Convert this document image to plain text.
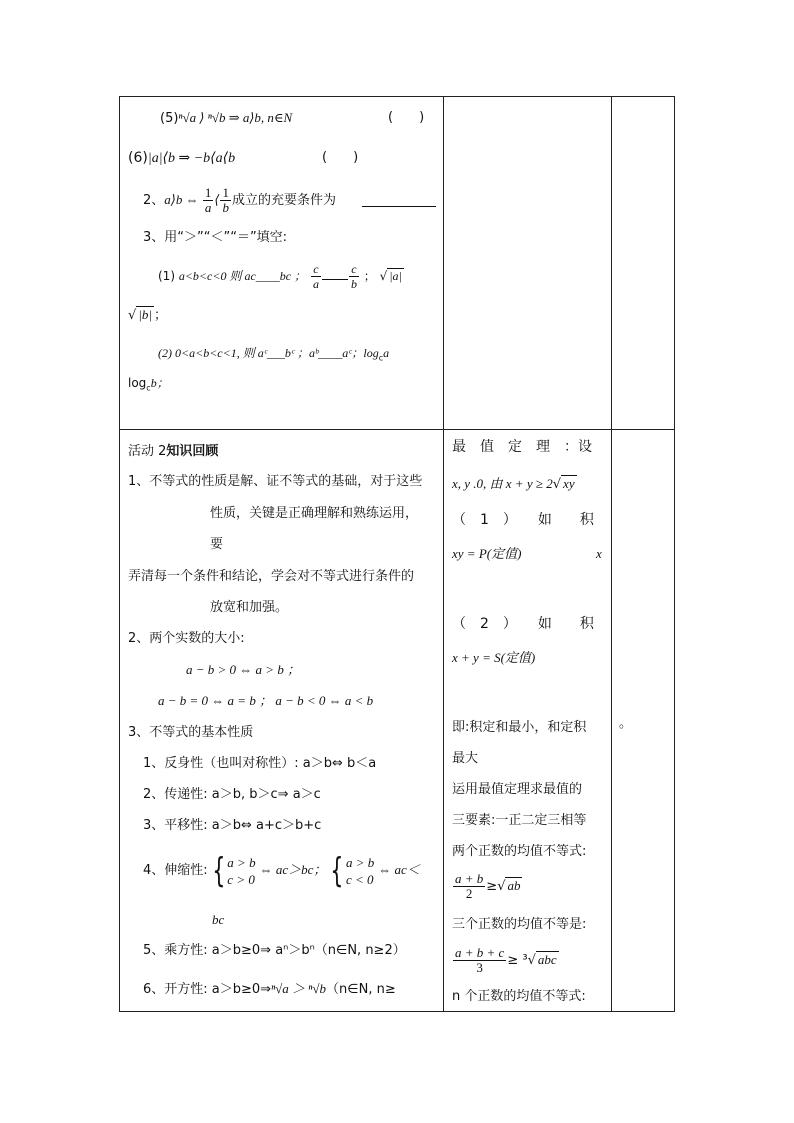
(5)ⁿ√a ⟩ ⁿ√b ⇒ a⟩b, n∈N	(　　)
(6)|a|⟨b ⇒ −b⟨a⟨b	(　　)
2、a⟩b ⇔ $\frac{1}{a}$ ⟨ $\frac{1}{b}$ 成立的充要条件为
3、用“＞”“＜”“＝”填空:
(1) a<b<c<0 则 ac____bc ； $\frac{c}{a} \frac{c}{b}$ ； √ |a|
√ |b| ；
(2) 0<a<b<c<1, 则 aᶜ___bᶜ ；aᵇ____aᶜ；$\log_ca$
$\log_cb$；
活动 2知识回顾
1、不等式的性质是解、证不等式的基础，对于这些
性质，关键是正确理解和熟练运用，
要
弄清每一个条件和结论，学会对不等式进行条件的
放宽和加强。
2、两个实数的大小:
a − b > 0 ⇔ a > b ；
a − b = 0 ⇔ a = b ； a − b < 0 ⇔ a < b
3、不等式的基本性质
1、反身性（也叫对称性）: a＞b⇔ b＜a
2、传递性: a＞b, b＞c⇒ a＞c
3、平移性: a＞b⇔ a+c＞b+c
4、伸缩性: { a > b
c > 0
⇔ ac＞bc； { a > b
c < 0
⇔ ac＜
bc
5、乘方性: a＞b≥0⇒ aⁿ＞bⁿ（n∈N, n≥2）
6、开方性: a＞b≥0⇒ⁿ√a ＞ ⁿ√b（n∈N, n≥
最　值　定　理　：设
x, y .0, 由 x + y ≥ 2√ xy
（　1　）　　如　　积
xy = P(定值)	x
（　2　）　　如　　积
x + y = S(定值)
即:积定和最小，和定积
最大
运用最值定理求最值的
三要素:一正二定三相等
两个正数的均值不等式:
$\frac{a + b}{2}$ ≥√ ab
三个正数的均值不等是:
$\frac{a + b + c}{3} \ge ^3√$ abc
n 个正数的均值不等式:
。
